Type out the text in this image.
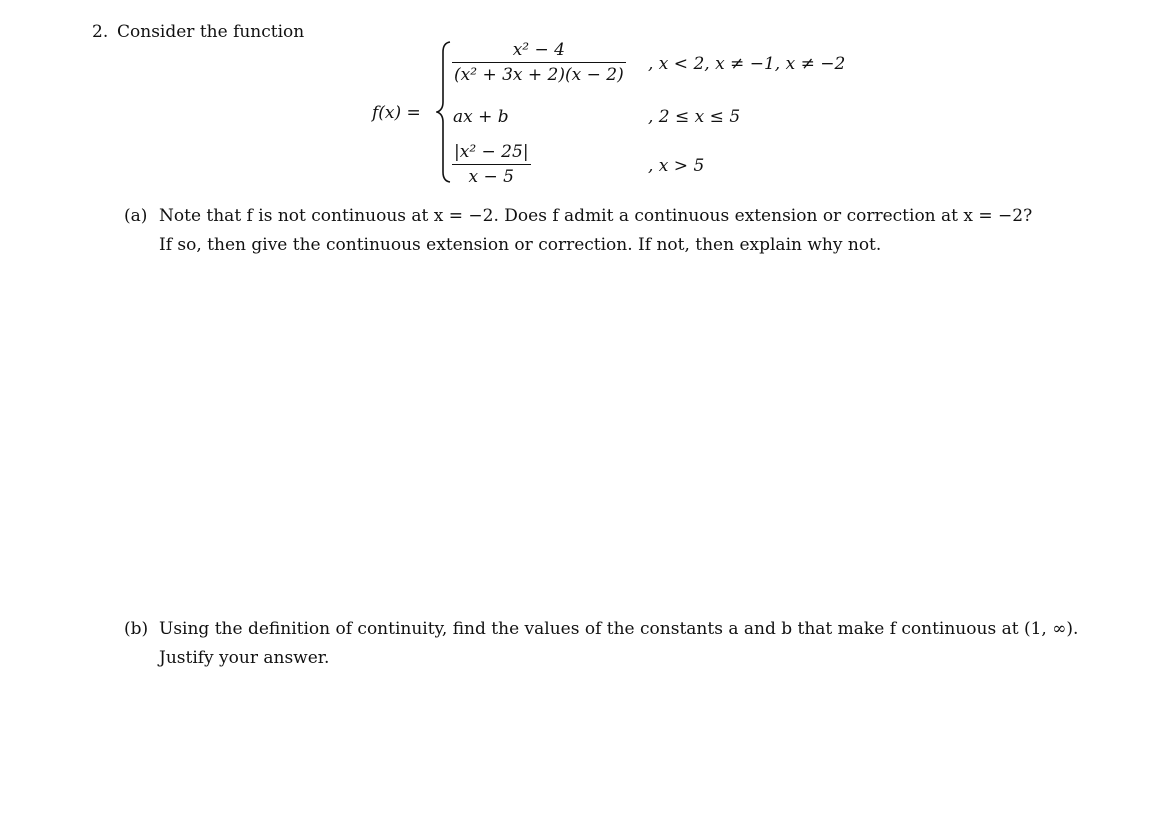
2. Consider the function
f(x) =
$\frac{\text{x² − 4}}{\text{(x² + 3x + 2)(x − 2)}}$ , x < 2, x ≠ −1, x ≠ −2
ax + b	, 2 ≤ x ≤ 5
$\frac{\text{|x² − 25|}}{x - 5}$	, x > 5
(a) Note that f is not continuous at x = −2. Does f admit a continuous extension or correction at x = −2?
If so, then give the continuous extension or correction. If not, then explain why not.
(b) Using the definition of continuity, find the values of the constants a and b that make f continuous at (1, ∞).
Justify your answer.
